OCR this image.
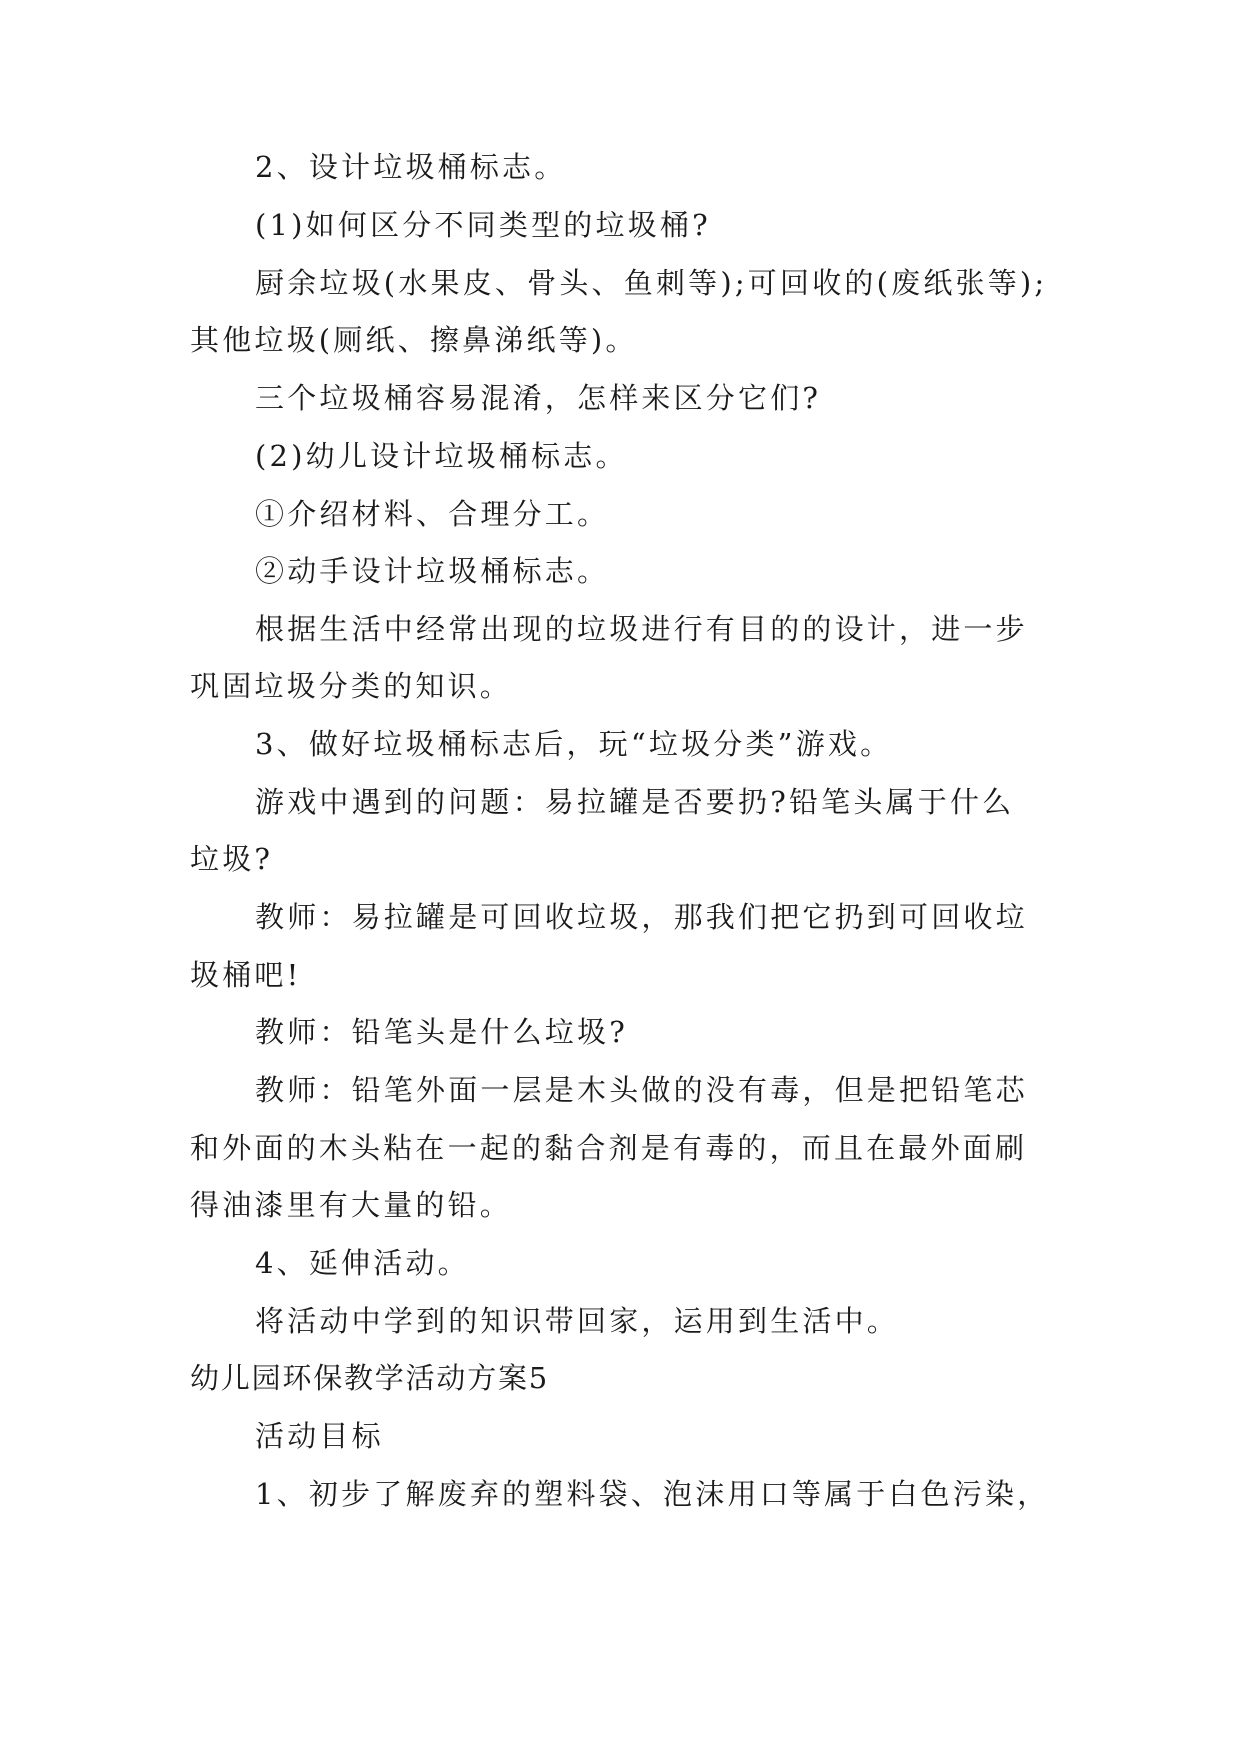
2、设计垃圾桶标志。
(1)如何区分不同类型的垃圾桶?
厨余垃圾(水果皮、骨头、鱼刺等);可回收的(废纸张等);
其他垃圾(厕纸、擦鼻涕纸等)。
三个垃圾桶容易混淆，怎样来区分它们?
(2)幼儿设计垃圾桶标志。
①介绍材料、合理分工。
②动手设计垃圾桶标志。
根据生活中经常出现的垃圾进行有目的的设计，进一步
巩固垃圾分类的知识。
3、做好垃圾桶标志后，玩“垃圾分类”游戏。
游戏中遇到的问题：易拉罐是否要扔?铅笔头属于什么
垃圾?
教师：易拉罐是可回收垃圾，那我们把它扔到可回收垃
圾桶吧!
教师：铅笔头是什么垃圾?
教师：铅笔外面一层是木头做的没有毒，但是把铅笔芯
和外面的木头粘在一起的黏合剂是有毒的，而且在最外面刷
得油漆里有大量的铅。
4、延伸活动。
将活动中学到的知识带回家，运用到生活中。
幼儿园环保教学活动方案5
活动目标
1、初步了解废弃的塑料袋、泡沫用口等属于白色污染，
